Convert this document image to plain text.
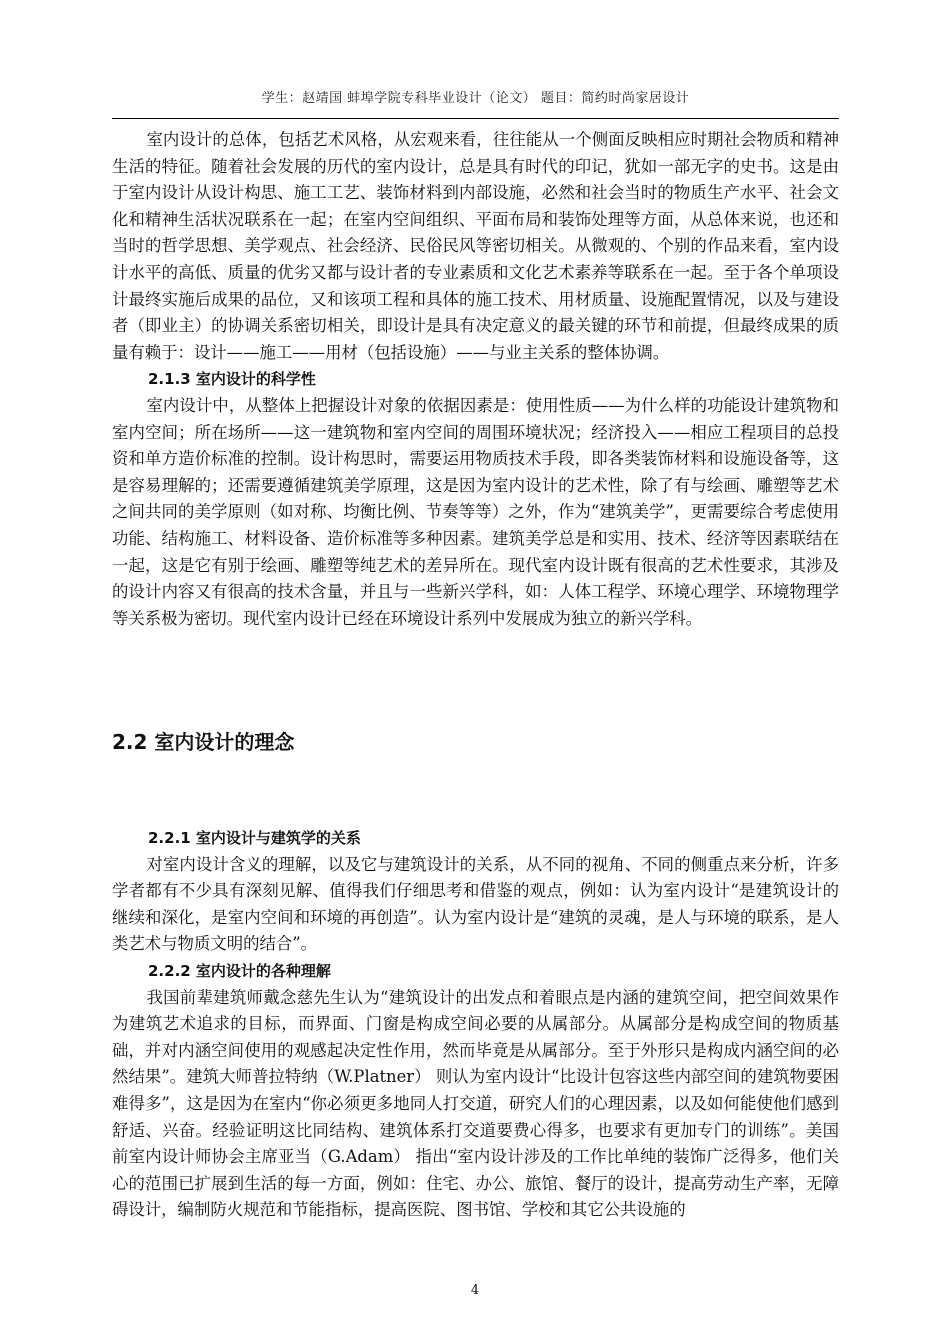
学生：赵靖国 蚌埠学院专科毕业设计（论文） 题目：简约时尚家居设计

室内设计的总体，包括艺术风格，从宏观来看，往往能从一个侧面反映相应时期社会物质和精神生活的特征。随着社会发展的历代的室内设计，总是具有时代的印记，犹如一部无字的史书。这是由于室内设计从设计构思、施工工艺、装饰材料到内部设施，必然和社会当时的物质生产水平、社会文化和精神生活状况联系在一起；在室内空间组织、平面布局和装饰处理等方面，从总体来说，也还和当时的哲学思想、美学观点、社会经济、民俗民风等密切相关。从微观的、个别的作品来看，室内设计水平的高低、质量的优劣又都与设计者的专业素质和文化艺术素养等联系在一起。至于各个单项设计最终实施后成果的品位，又和该项工程和具体的施工技术、用材质量、设施配置情况，以及与建设者（即业主）的协调关系密切相关，即设计是具有决定意义的最关键的环节和前提，但最终成果的质量有赖于：设计——施工——用材（包括设施）——与业主关系的整体协调。

2.1.3 室内设计的科学性

室内设计中，从整体上把握设计对象的依据因素是：使用性质——为什么样的功能设计建筑物和室内空间；所在场所——这一建筑物和室内空间的周围环境状况；经济投入——相应工程项目的总投资和单方造价标准的控制。设计构思时，需要运用物质技术手段，即各类装饰材料和设施设备等，这是容易理解的；还需要遵循建筑美学原理，这是因为室内设计的艺术性，除了有与绘画、雕塑等艺术之间共同的美学原则（如对称、均衡比例、节奏等等）之外，作为“建筑美学”，更需要综合考虑使用功能、结构施工、材料设备、造价标准等多种因素。建筑美学总是和实用、技术、经济等因素联结在一起，这是它有别于绘画、雕塑等纯艺术的差异所在。现代室内设计既有很高的艺术性要求，其涉及的设计内容又有很高的技术含量，并且与一些新兴学科，如：人体工程学、环境心理学、环境物理学等关系极为密切。现代室内设计已经在环境设计系列中发展成为独立的新兴学科。

2.2 室内设计的理念

2.2.1 室内设计与建筑学的关系

对室内设计含义的理解，以及它与建筑设计的关系，从不同的视角、不同的侧重点来分析，许多学者都有不少具有深刻见解、值得我们仔细思考和借鉴的观点，例如：认为室内设计“是建筑设计的继续和深化，是室内空间和环境的再创造”。认为室内设计是“建筑的灵魂，是人与环境的联系，是人类艺术与物质文明的结合”。

2.2.2 室内设计的各种理解

我国前辈建筑师戴念慈先生认为“建筑设计的出发点和着眼点是内涵的建筑空间，把空间效果作为建筑艺术追求的目标，而界面、门窗是构成空间必要的从属部分。从属部分是构成空间的物质基础，并对内涵空间使用的观感起决定性作用，然而毕竟是从属部分。至于外形只是构成内涵空间的必然结果”。建筑大师普拉特纳（W.Platner） 则认为室内设计“比设计包容这些内部空间的建筑物要困难得多”，这是因为在室内“你必须更多地同人打交道，研究人们的心理因素，以及如何能使他们感到舒适、兴奋。经验证明这比同结构、建筑体系打交道要费心得多，也要求有更加专门的训练”。美国前室内设计师协会主席亚当（G.Adam） 指出“室内设计涉及的工作比单纯的装饰广泛得多，他们关心的范围已扩展到生活的每一方面，例如：住宅、办公、旅馆、餐厅的设计，提高劳动生产率，无障碍设计，编制防火规范和节能指标，提高医院、图书馆、学校和其它公共设施的

4
